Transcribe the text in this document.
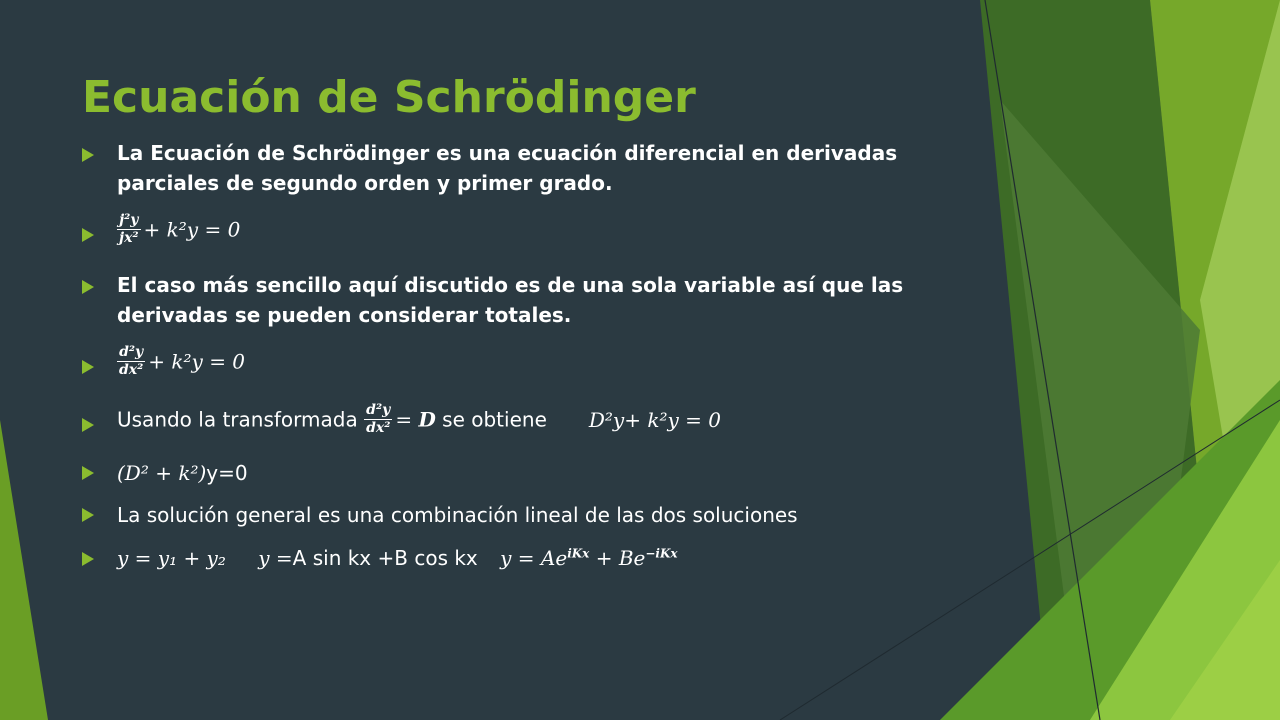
Ecuación de Schrödinger
La Ecuación de Schrödinger es una ecuación diferencial en derivadas
parciales de segundo orden y primer grado.
$\frac{\text{j²y}}{\text{jx²}} + k^2y = 0$
El caso más sencillo aquí discutido es de una sola variable así que las
derivadas se pueden considerar totales.
$\frac{\text{d²y}}{\text{dx²}} + k^2y = 0$
Usando la transformada $\frac{\text{d²y}}{\text{dx²}} = D$ se obtiene D²y+ k²y = 0
(D² + k²)y=0
La solución general es una combinación lineal de las dos soluciones
y = y₁ + y₂ y =A sin kx +B cos kx $y = Ae^{iKx} + Be^{-iKx}$
